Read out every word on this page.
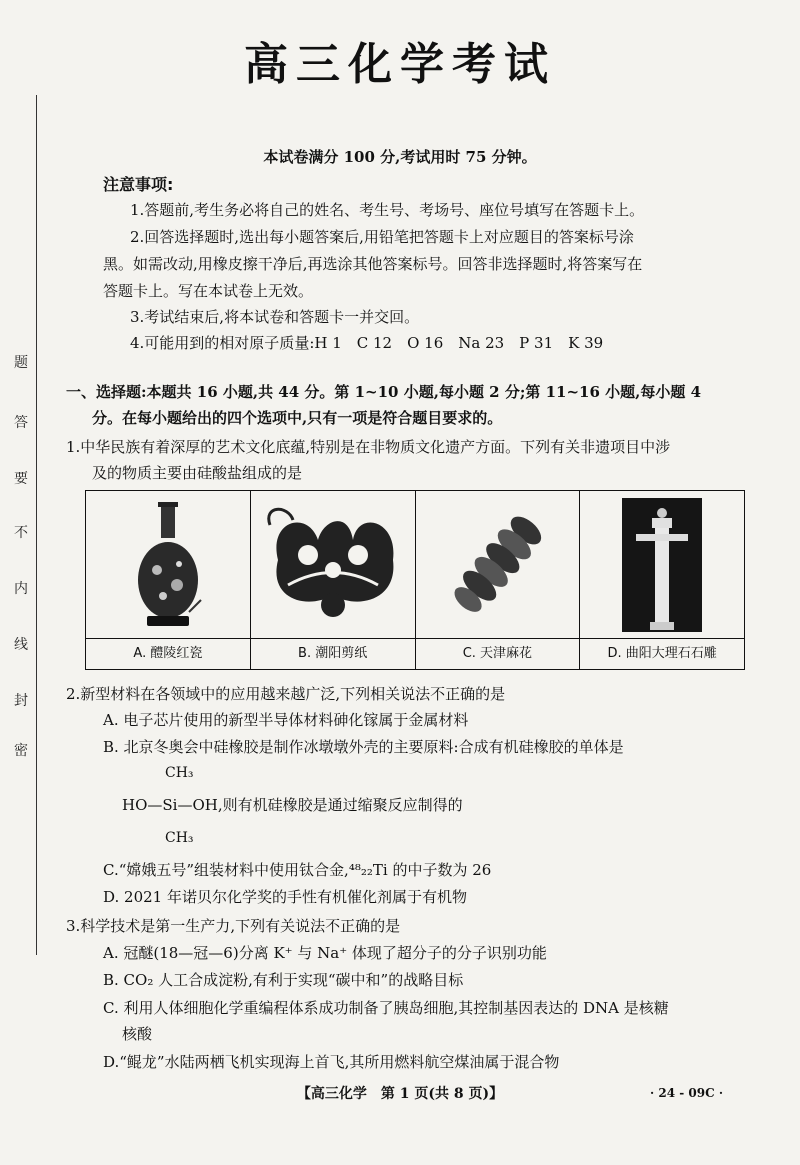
题
答
要
不
内
线
封
密
高三化学考试
本试卷满分 100 分,考试用时 75 分钟。
注意事项:
1.答题前,考生务必将自己的姓名、考生号、考场号、座位号填写在答题卡上。
2.回答选择题时,选出每小题答案后,用铅笔把答题卡上对应题目的答案标号涂
黑。如需改动,用橡皮擦干净后,再选涂其他答案标号。回答非选择题时,将答案写在
答题卡上。写在本试卷上无效。
3.考试结束后,将本试卷和答题卡一并交回。
4.可能用到的相对原子质量:H 1　C 12　O 16　Na 23　P 31　K 39
一、选择题:本题共 16 小题,共 44 分。第 1~10 小题,每小题 2 分;第 11~16 小题,每小题 4
分。在每小题给出的四个选项中,只有一项是符合题目要求的。
1.中华民族有着深厚的艺术文化底蕴,特别是在非物质文化遗产方面。下列有关非遗项目中涉
及的物质主要由硅酸盐组成的是
A. 醴陵红瓷	B. 潮阳剪纸	C. 天津麻花	D. 曲阳大理石石雕
2.新型材料在各领域中的应用越来越广泛,下列相关说法不正确的是
A. 电子芯片使用的新型半导体材料砷化镓属于金属材料
B. 北京冬奥会中硅橡胶是制作冰墩墩外壳的主要原料:合成有机硅橡胶的单体是
CH₃
HO—Si—OH,则有机硅橡胶是通过缩聚反应制得的
CH₃
C.“嫦娥五号”组装材料中使用钛合金,⁴⁸₂₂Ti 的中子数为 26
D. 2021 年诺贝尔化学奖的手性有机催化剂属于有机物
3.科学技术是第一生产力,下列有关说法不正确的是
A. 冠醚(18—冠—6)分离 K⁺ 与 Na⁺ 体现了超分子的分子识别功能
B. CO₂ 人工合成淀粉,有利于实现“碳中和”的战略目标
C. 利用人体细胞化学重编程体系成功制备了胰岛细胞,其控制基因表达的 DNA 是核糖
核酸
D.“鲲龙”水陆两栖飞机实现海上首飞,其所用燃料航空煤油属于混合物
【高三化学　第 1 页(共 8 页)】	· 24 - 09C ·
